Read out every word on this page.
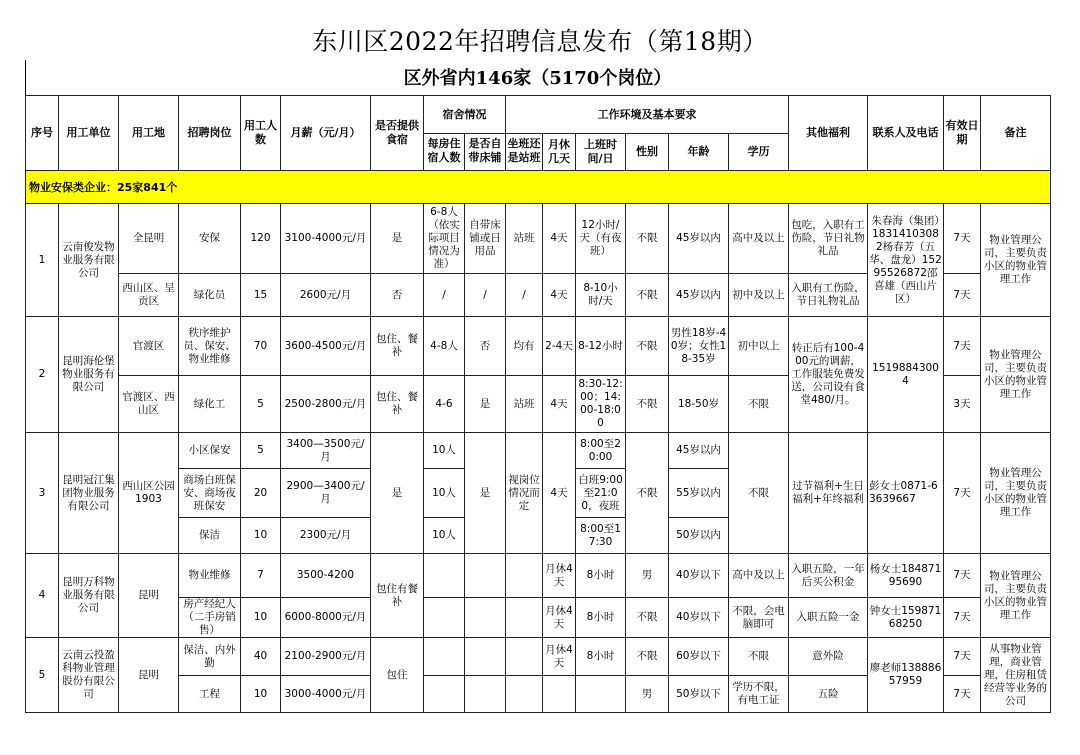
东川区2022年招聘信息发布（第18期）
区外省内146家（5170个岗位）
序号	用工单位	用工地	招聘岗位	用工人数	月薪（元/月）	是否提供食宿	宿舍情况		工作环境及基本要求						其他福利	联系人及电话	有效日期	备注
							每房住宿人数	是否自带床铺	坐班还是站班	月休几天	上班时间/日	性别	年龄	学历				
物业安保类企业：25家841个																		
1	云南俊发物业服务有限公司	全昆明	安保	120	3100-4000元/月	是	6-8人（依实际项目情况为准）	自带床铺或日用品	站班	4天	12小时/天（有夜班）	不限	45岁以内	高中及以上	包吃，入职有工伤险，节日礼物礼品	朱春海（集团）18314103082杨春芳（五华、盘龙）15295526872邵喜雄（西山片区）	7天	物业管理公司，主要负责小区的物业管理工作
		西山区、呈贡区	绿化员	15	2600元/月	否	/	/	/	4天	8-10小时/天	不限	45岁以内	初中及以上	入职有工伤险，节日礼物礼品		7天	
2	昆明海伦堡物业服务有限公司	官渡区	秩序维护员、保安、物业维修	70	3600-4500元/月	包住、餐补	4-8人	否	均有	2-4天	8-12小时	不限	男性18岁-40岁；女性18-35岁	初中以上	转正后有100-400元的调薪，工作服装免费发送，公司设有食堂480/月。	15198843004	7天	物业管理公司，主要负责小区的物业管理工作
		官渡区、西山区	绿化工	5	2500-2800元/月	包住、餐补	4-6	是	站班	4天	8:30-12:00；14:00-18:00	不限	18-50岁	不限			3天	
3	昆明冠江集团物业服务有限公司	西山区公园1903	小区保安	5	3400—3500元/月	是	10人	是	视岗位情况而定	4天	8:00至20:00	不限	45岁以内	不限	过节福利+生日福利+年终福利	彭女士0871-63639667	7天	物业管理公司，主要负责小区的物业管理工作
			商场白班保安、商场夜班保安	20	2900—3400元/月		10人				白班9:00至21:00，夜班		55岁以内					
			保洁	10	2300元/月		10人				8:00至17:30		50岁以内					
4	昆明万科物业服务有限公司	昆明	物业维修	7	3500-4200	包住有餐补				月休4天	8小时	男	40岁以下	高中及以上	入职五险，一年后买公积金	杨女士18487195690	7天	物业管理公司，主要负责小区的物业管理工作
			房产经纪人（二手房销售）	10	6000-8000元/月					月休4天	8小时	不限	40岁以下	不限，会电脑即可	入职五险一金	钟女士15987168250	7天	
5	云南云投盈科物业管理股份有限公司	昆明	保洁、内外勤	40	2100-2900元/月	包住				月休4天	8小时	不限	60岁以下	不限	意外险	廖老师13888657959	7天	从事物业管理，商业管理，住房租赁经营等业务的公司
			工程	10	3000-4000元/月							男	50岁以下	学历不限，有电工证	五险		7天	
